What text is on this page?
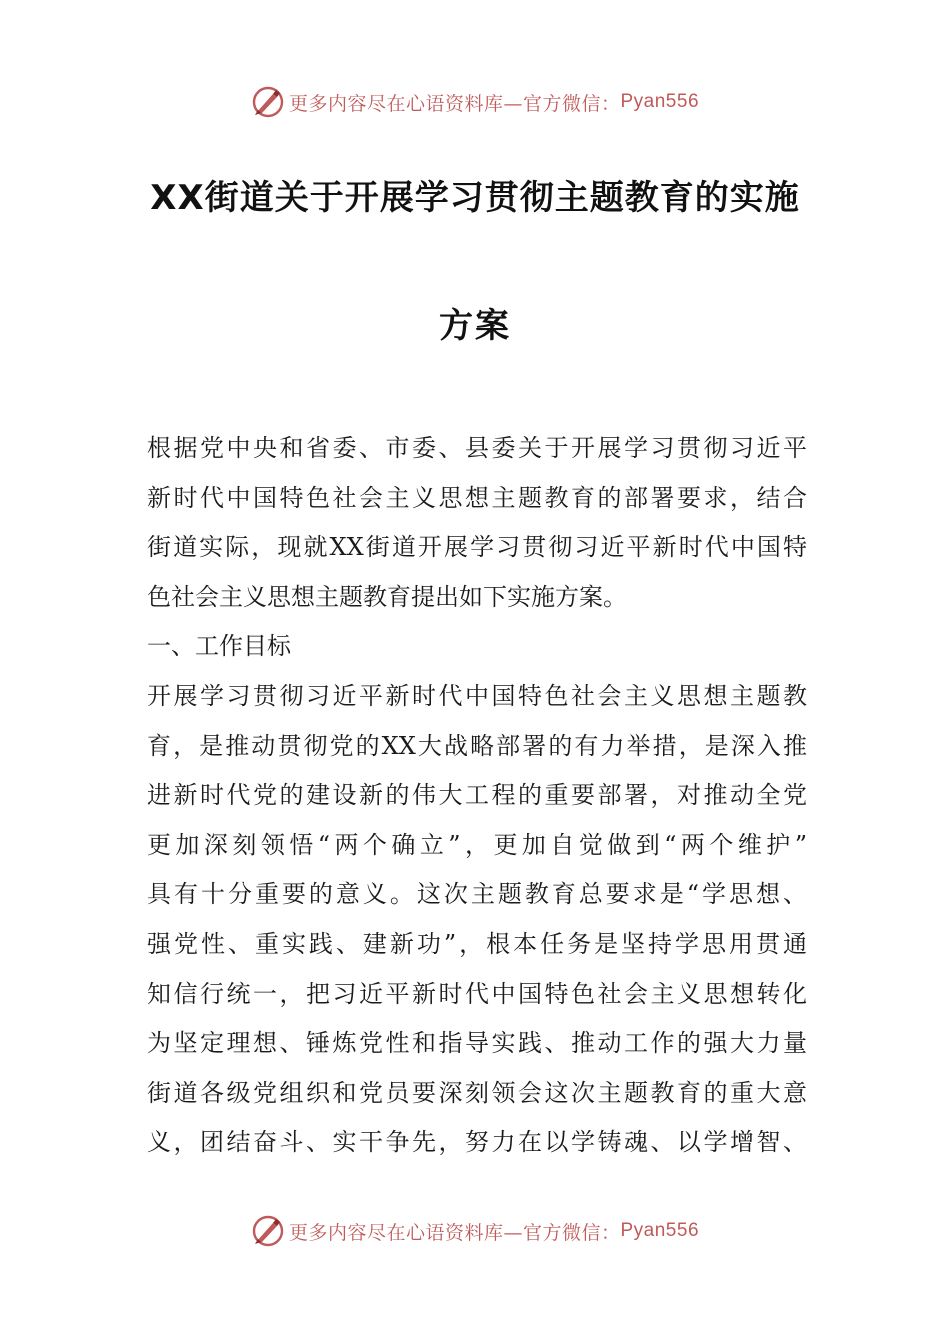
更多内容尽在心语资料库—官方微信： Pyan556
XX街道关于开展学习贯彻主题教育的实施
方案
根据党中央和省委、市委、县委关于开展学习贯彻习近平
新时代中国特色社会主义思想主题教育的部署要求，结合
街道实际，现就XX街道开展学习贯彻习近平新时代中国特
色社会主义思想主题教育提出如下实施方案。
一、工作目标
开展学习贯彻习近平新时代中国特色社会主义思想主题教
育，是推动贯彻党的XX大战略部署的有力举措，是深入推
进新时代党的建设新的伟大工程的重要部署，对推动全党
更加深刻领悟“两个确立”，更加自觉做到“两个维护”
具有十分重要的意义。这次主题教育总要求是“学思想、
强党性、重实践、建新功”，根本任务是坚持学思用贯通
知信行统一，把习近平新时代中国特色社会主义思想转化
为坚定理想、锤炼党性和指导实践、推动工作的强大力量
街道各级党组织和党员要深刻领会这次主题教育的重大意
义，团结奋斗、实干争先，努力在以学铸魂、以学增智、
更多内容尽在心语资料库—官方微信： Pyan556
